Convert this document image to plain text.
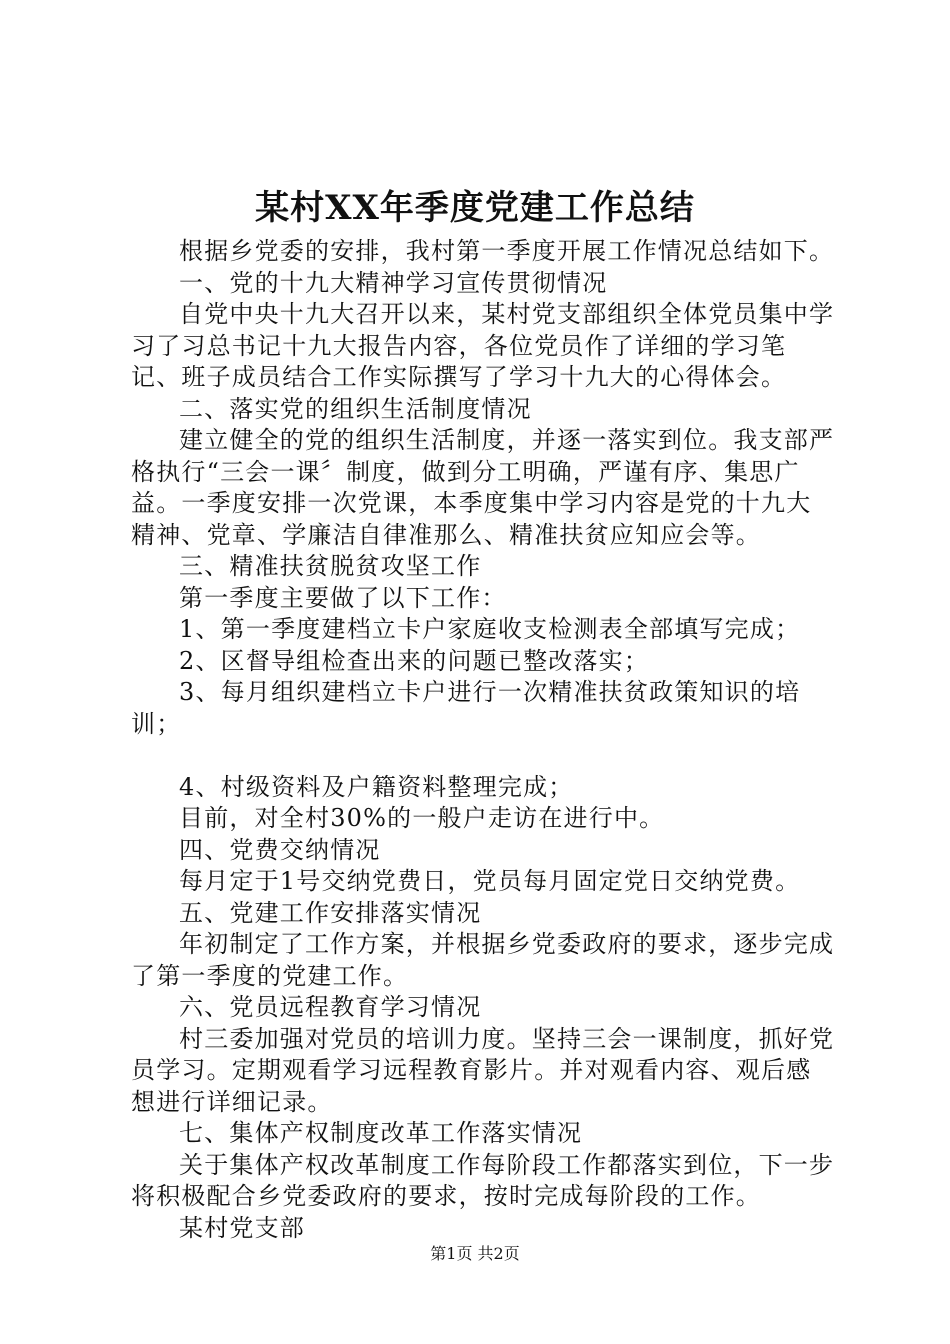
某村XX年季度党建工作总结

根据乡党委的安排，我村第一季度开展工作情况总结如下。

一、党的十九大精神学习宣传贯彻情况

自党中央十九大召开以来，某村党支部组织全体党员集中学习了习总书记十九大报告内容，各位党员作了详细的学习笔记、班子成员结合工作实际撰写了学习十九大的心得体会。

二、落实党的组织生活制度情况

建立健全的党的组织生活制度，并逐一落实到位。我支部严格执行“三会一课〞制度，做到分工明确，严谨有序、集思广益。一季度安排一次党课，本季度集中学习内容是党的十九大精神、党章、学廉洁自律准那么、精准扶贫应知应会等。

三、精准扶贫脱贫攻坚工作

第一季度主要做了以下工作：

1、第一季度建档立卡户家庭收支检测表全部填写完成；

2、区督导组检查出来的问题已整改落实；

3、每月组织建档立卡户进行一次精准扶贫政策知识的培训；

4、村级资料及户籍资料整理完成；

目前，对全村30%的一般户走访在进行中。

四、党费交纳情况

每月定于1号交纳党费日，党员每月固定党日交纳党费。

五、党建工作安排落实情况

年初制定了工作方案，并根据乡党委政府的要求，逐步完成了第一季度的党建工作。

六、党员远程教育学习情况

村三委加强对党员的培训力度。坚持三会一课制度，抓好党员学习。定期观看学习远程教育影片。并对观看内容、观后感想进行详细记录。

七、集体产权制度改革工作落实情况

关于集体产权改革制度工作每阶段工作都落实到位，下一步将积极配合乡党委政府的要求，按时完成每阶段的工作。

某村党支部

第1页 共2页
